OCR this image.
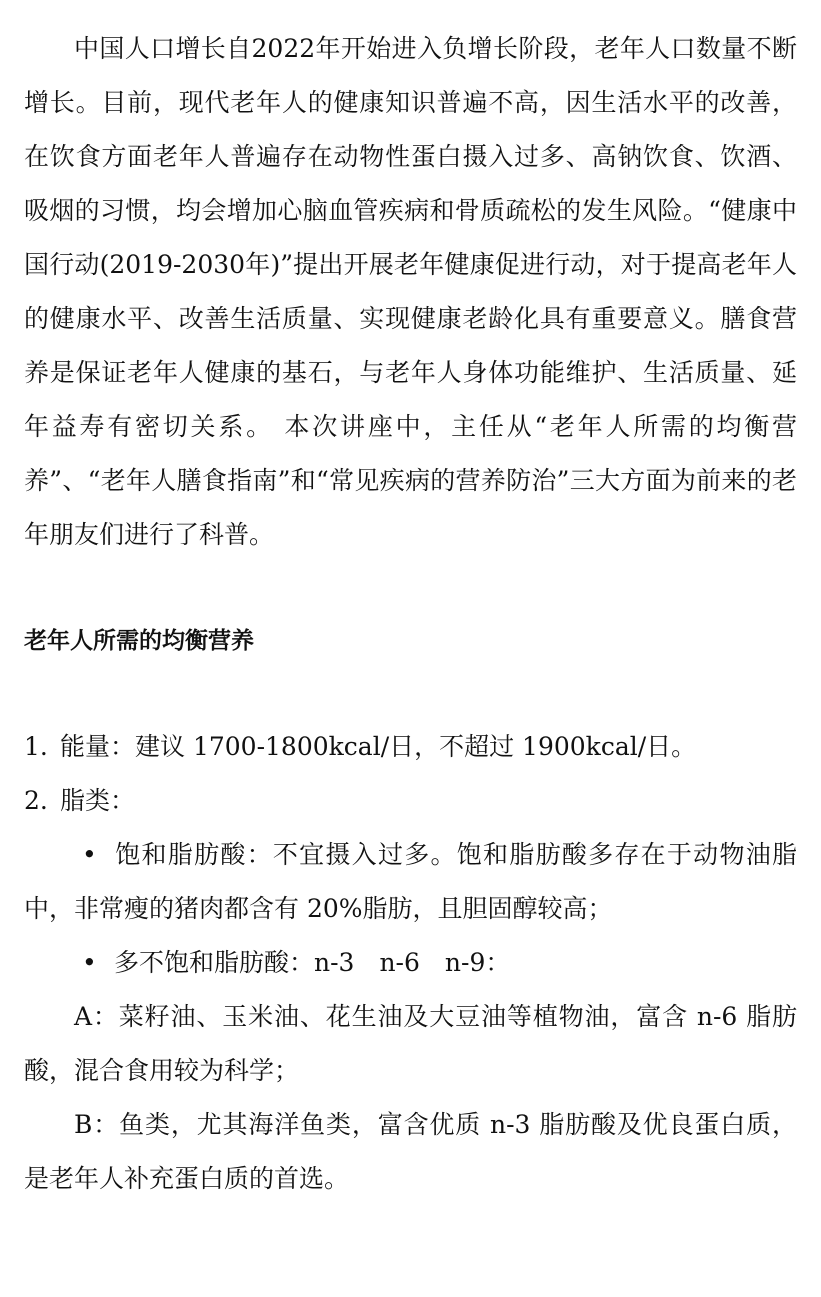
中国人口增长自2022年开始进入负增长阶段，老年人口数量不断增长。目前，现代老年人的健康知识普遍不高，因生活水平的改善，在饮食方面老年人普遍存在动物性蛋白摄入过多、高钠饮食、饮酒、吸烟的习惯，均会增加心脑血管疾病和骨质疏松的发生风险。“健康中国行动(2019-2030年)”提出开展老年健康促进行动，对于提高老年人的健康水平、改善生活质量、实现健康老龄化具有重要意义。膳食营养是保证老年人健康的基石，与老年人身体功能维护、生活质量、延年益寿有密切关系。 本次讲座中，主任从“老年人所需的均衡营养”、“老年人膳食指南”和“常见疾病的营养防治”三大方面为前来的老年朋友们进行了科普。

老年人所需的均衡营养

1. 能量：建议 1700-1800kcal/日，不超过 1900kcal/日。

2. 脂类：

• 饱和脂肪酸：不宜摄入过多。饱和脂肪酸多存在于动物油脂中，非常瘦的猪肉都含有 20%脂肪，且胆固醇较高；

• 多不饱和脂肪酸：n-3　n-6　n-9：

A：菜籽油、玉米油、花生油及大豆油等植物油，富含 n-6 脂肪酸，混合食用较为科学；

B：鱼类，尤其海洋鱼类，富含优质 n-3 脂肪酸及优良蛋白质，是老年人补充蛋白质的首选。
